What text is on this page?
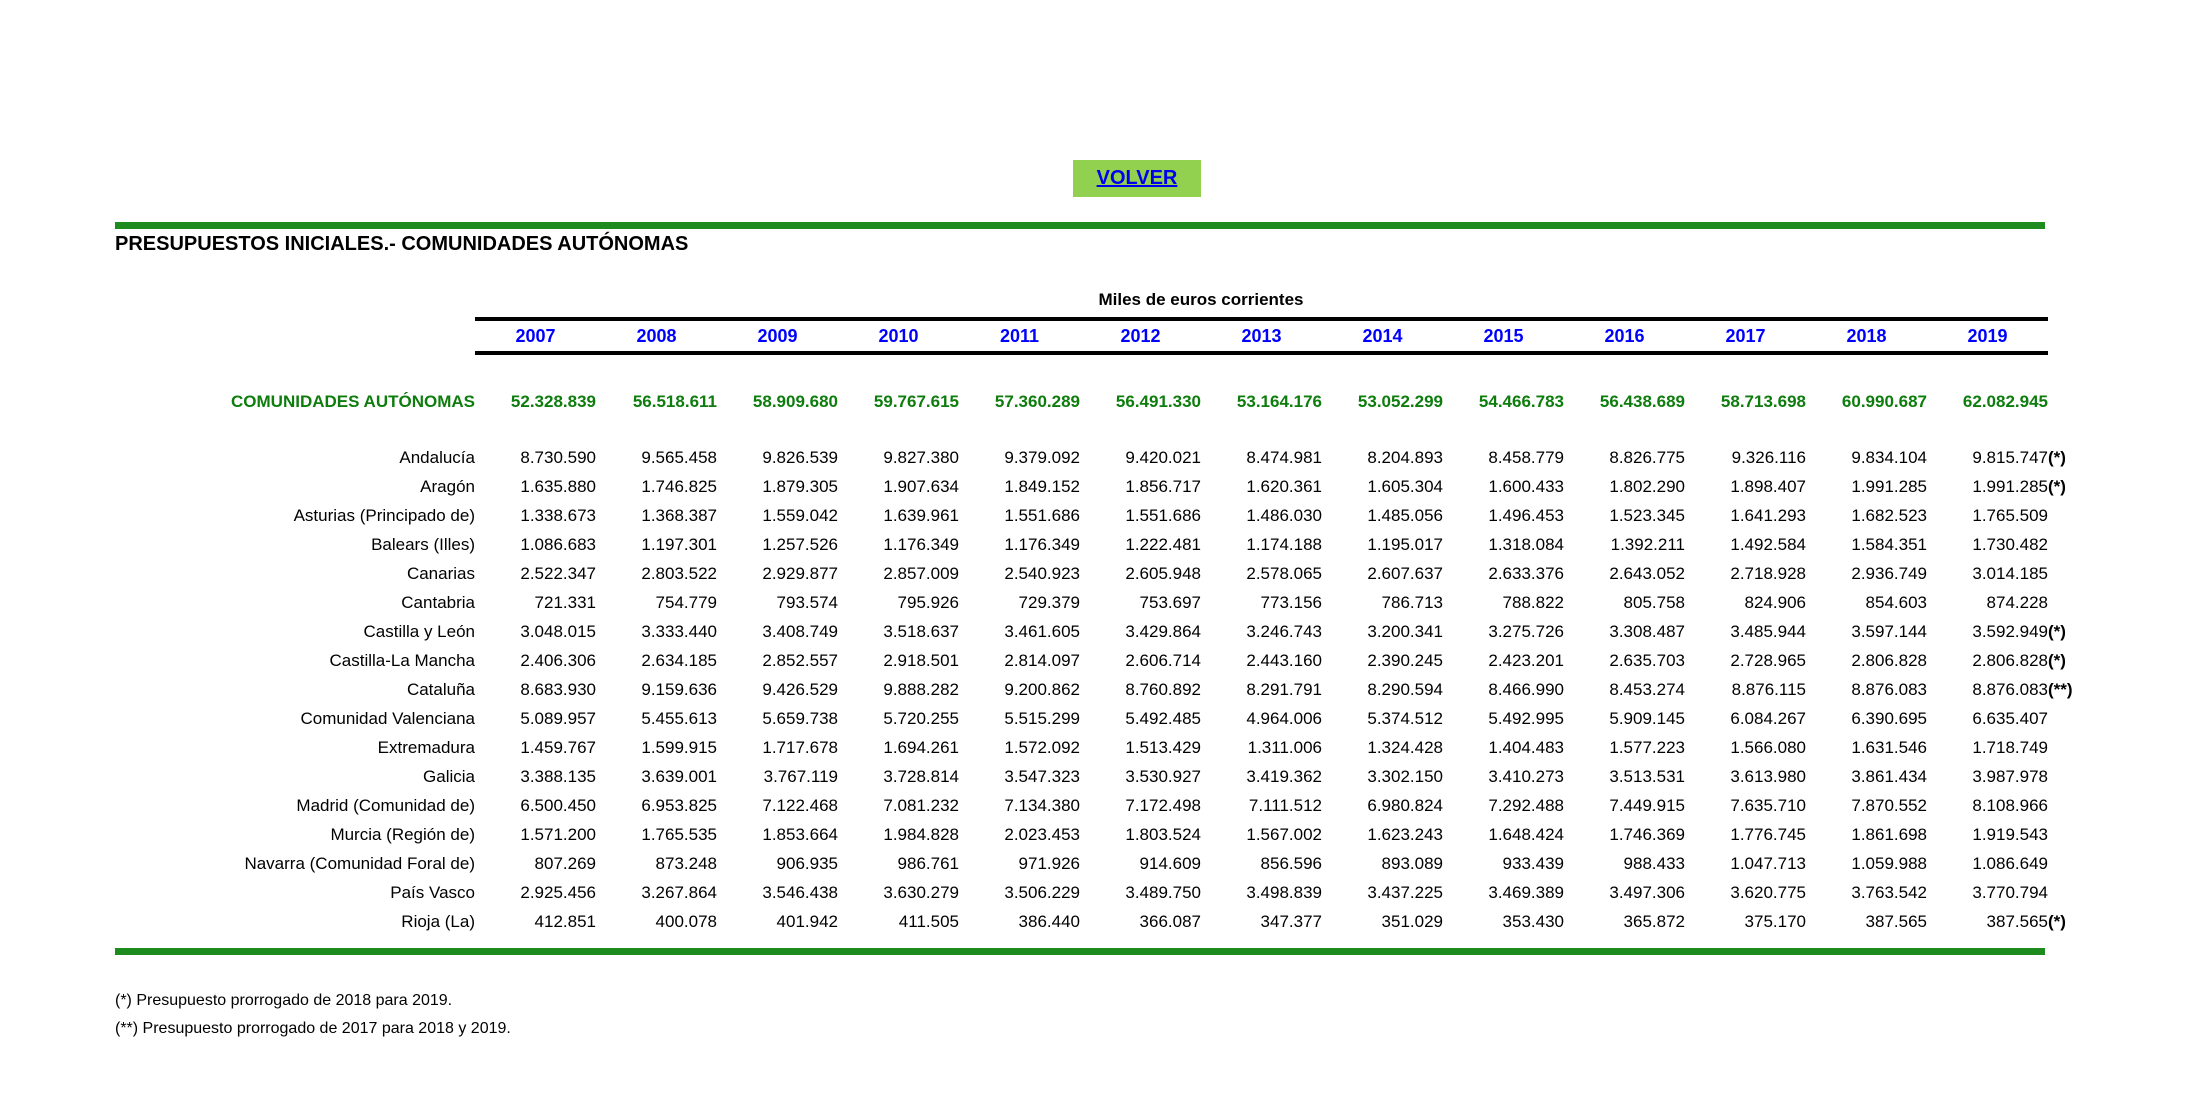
VOLVER
PRESUPUESTOS INICIALES.- COMUNIDADES AUTÓNOMAS
	Miles de euros corrientes													
	2007	2008	2009	2010	2011	2012	2013	2014	2015	2016	2017	2018	2019	

COMUNIDADES AUTÓNOMAS	52.328.839	56.518.611	58.909.680	59.767.615	57.360.289	56.491.330	53.164.176	53.052.299	54.466.783	56.438.689	58.713.698	60.990.687	62.082.945	

Andalucía	8.730.590	9.565.458	9.826.539	9.827.380	9.379.092	9.420.021	8.474.981	8.204.893	8.458.779	8.826.775	9.326.116	9.834.104	9.815.747	(*)
Aragón	1.635.880	1.746.825	1.879.305	1.907.634	1.849.152	1.856.717	1.620.361	1.605.304	1.600.433	1.802.290	1.898.407	1.991.285	1.991.285	(*)
Asturias (Principado de)	1.338.673	1.368.387	1.559.042	1.639.961	1.551.686	1.551.686	1.486.030	1.485.056	1.496.453	1.523.345	1.641.293	1.682.523	1.765.509	
Balears (Illes)	1.086.683	1.197.301	1.257.526	1.176.349	1.176.349	1.222.481	1.174.188	1.195.017	1.318.084	1.392.211	1.492.584	1.584.351	1.730.482	
Canarias	2.522.347	2.803.522	2.929.877	2.857.009	2.540.923	2.605.948	2.578.065	2.607.637	2.633.376	2.643.052	2.718.928	2.936.749	3.014.185	
Cantabria	721.331	754.779	793.574	795.926	729.379	753.697	773.156	786.713	788.822	805.758	824.906	854.603	874.228	
Castilla y León	3.048.015	3.333.440	3.408.749	3.518.637	3.461.605	3.429.864	3.246.743	3.200.341	3.275.726	3.308.487	3.485.944	3.597.144	3.592.949	(*)
Castilla-La Mancha	2.406.306	2.634.185	2.852.557	2.918.501	2.814.097	2.606.714	2.443.160	2.390.245	2.423.201	2.635.703	2.728.965	2.806.828	2.806.828	(*)
Cataluña	8.683.930	9.159.636	9.426.529	9.888.282	9.200.862	8.760.892	8.291.791	8.290.594	8.466.990	8.453.274	8.876.115	8.876.083	8.876.083	(**)
Comunidad Valenciana	5.089.957	5.455.613	5.659.738	5.720.255	5.515.299	5.492.485	4.964.006	5.374.512	5.492.995	5.909.145	6.084.267	6.390.695	6.635.407	
Extremadura	1.459.767	1.599.915	1.717.678	1.694.261	1.572.092	1.513.429	1.311.006	1.324.428	1.404.483	1.577.223	1.566.080	1.631.546	1.718.749	
Galicia	3.388.135	3.639.001	3.767.119	3.728.814	3.547.323	3.530.927	3.419.362	3.302.150	3.410.273	3.513.531	3.613.980	3.861.434	3.987.978	
Madrid (Comunidad de)	6.500.450	6.953.825	7.122.468	7.081.232	7.134.380	7.172.498	7.111.512	6.980.824	7.292.488	7.449.915	7.635.710	7.870.552	8.108.966	
Murcia (Región de)	1.571.200	1.765.535	1.853.664	1.984.828	2.023.453	1.803.524	1.567.002	1.623.243	1.648.424	1.746.369	1.776.745	1.861.698	1.919.543	
Navarra (Comunidad Foral de)	807.269	873.248	906.935	986.761	971.926	914.609	856.596	893.089	933.439	988.433	1.047.713	1.059.988	1.086.649	
País Vasco	2.925.456	3.267.864	3.546.438	3.630.279	3.506.229	3.489.750	3.498.839	3.437.225	3.469.389	3.497.306	3.620.775	3.763.542	3.770.794	
Rioja (La)	412.851	400.078	401.942	411.505	386.440	366.087	347.377	351.029	353.430	365.872	375.170	387.565	387.565	(*)
(*) Presupuesto prorrogado de 2018 para 2019.
(**) Presupuesto prorrogado de 2017 para 2018 y 2019.
